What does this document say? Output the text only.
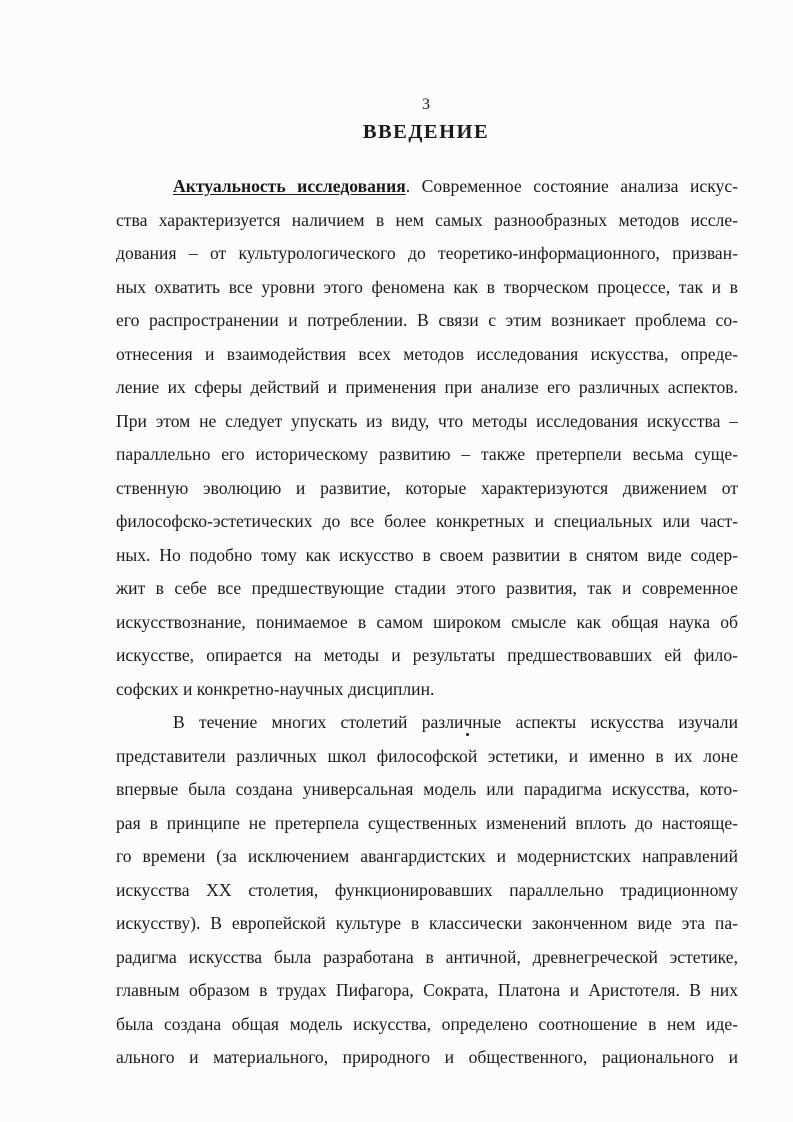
3
ВВЕДЕНИЕ
Актуальность исследования. Современное состояние анализа искус-
ства характеризуется наличием в нем самых разнообразных методов иссле-
дования – от культурологического до теоретико-информационного, призван-
ных охватить все уровни этого феномена как в творческом процессе, так и в
его распространении и потреблении. В связи с этим возникает проблема со-
отнесения и взаимодействия всех методов исследования искусства, опреде-
ление их сферы действий и применения при анализе его различных аспектов.
При этом не следует упускать из виду, что методы исследования искусства –
параллельно его историческому развитию – также претерпели весьма суще-
ственную эволюцию и развитие, которые характеризуются движением от
философско-эстетических до все более конкретных и специальных или част-
ных. Но подобно тому как искусство в своем развитии в снятом виде содер-
жит в себе все предшествующие стадии этого развития, так и современное
искусствознание, понимаемое в самом широком смысле как общая наука об
искусстве, опирается на методы и результаты предшествовавших ей фило-
софских и конкретно-научных дисциплин.
В течение многих столетий различные аспекты искусства изучали
представители различных школ философской эстетики, и именно в их лоне
впервые была создана универсальная модель или парадигма искусства, кото-
рая в принципе не претерпела существенных изменений вплоть до настояще-
го времени (за исключением авангардистских и модернистских направлений
искусства XX столетия, функционировавших параллельно традиционному
искусству). В европейской культуре в классически законченном виде эта па-
радигма искусства была разработана в античной, древнегреческой эстетике,
главным образом в трудах Пифагора, Сократа, Платона и Аристотеля. В них
была создана общая модель искусства, определено соотношение в нем иде-
ального и материального, природного и общественного, рационального и
